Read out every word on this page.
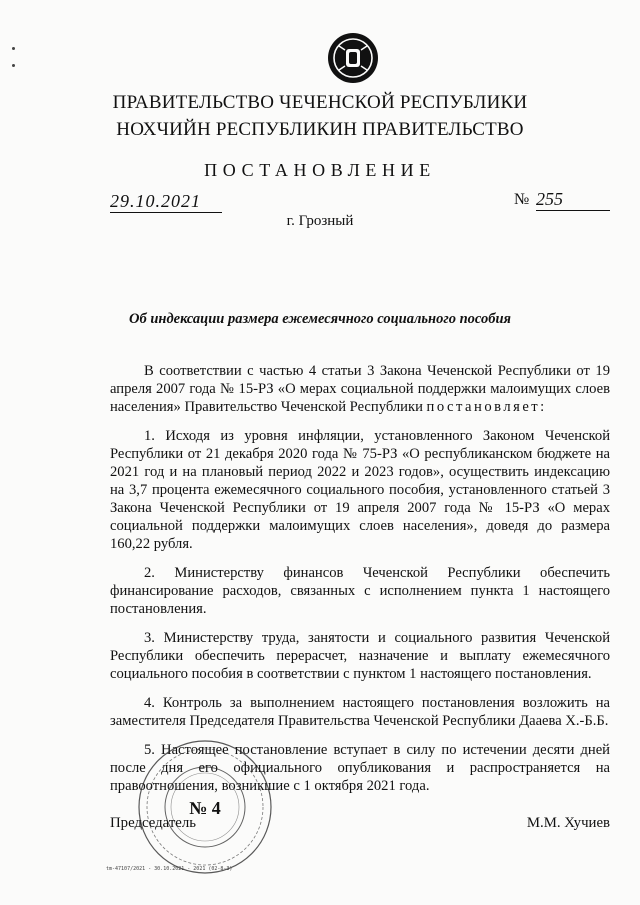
ПРАВИТЕЛЬСТВО ЧЕЧЕНСКОЙ РЕСПУБЛИКИ
НОХЧИЙН РЕСПУБЛИКИН ПРАВИТЕЛЬСТВО
ПОСТАНОВЛЕНИЕ
29.10.2021	№ 255
г. Грозный
Об индексации размера ежемесячного социального пособия

В соответствии с частью 4 статьи 3 Закона Чеченской Республики от 19 апреля 2007 года № 15-РЗ «О мерах социальной поддержки малоимущих слоев населения» Правительство Чеченской Республики постановляет:

1. Исходя из уровня инфляции, установленного Законом Чеченской Республики от 21 декабря 2020 года № 75-РЗ «О республиканском бюджете на 2021 год и на плановый период 2022 и 2023 годов», осуществить индексацию на 3,7 процента ежемесячного социального пособия, установленного статьей 3 Закона Чеченской Республики от 19 апреля 2007 года № 15-РЗ «О мерах социальной поддержки малоимущих слоев населения», доведя до размера 160,22 рубля.

2. Министерству финансов Чеченской Республики обеспечить финансирование расходов, связанных с исполнением пункта 1 настоящего постановления.

3. Министерству труда, занятости и социального развития Чеченской Республики обеспечить перерасчет, назначение и выплату ежемесячного социального пособия в соответствии с пунктом 1 настоящего постановления.

4. Контроль за выполнением настоящего постановления возложить на заместителя Председателя Правительства Чеченской Республики Дааева Х.-Б.Б.

5. Настоящее постановление вступает в силу по истечении десяти дней после дня его официального опубликования и распространяется на правоотношения, возникшие с 1 октября 2021 года.

Председатель	М.М. Хучиев
№ 4
tm-47107/2021 - 30.10.2021 - 2021 (02-8-3)
